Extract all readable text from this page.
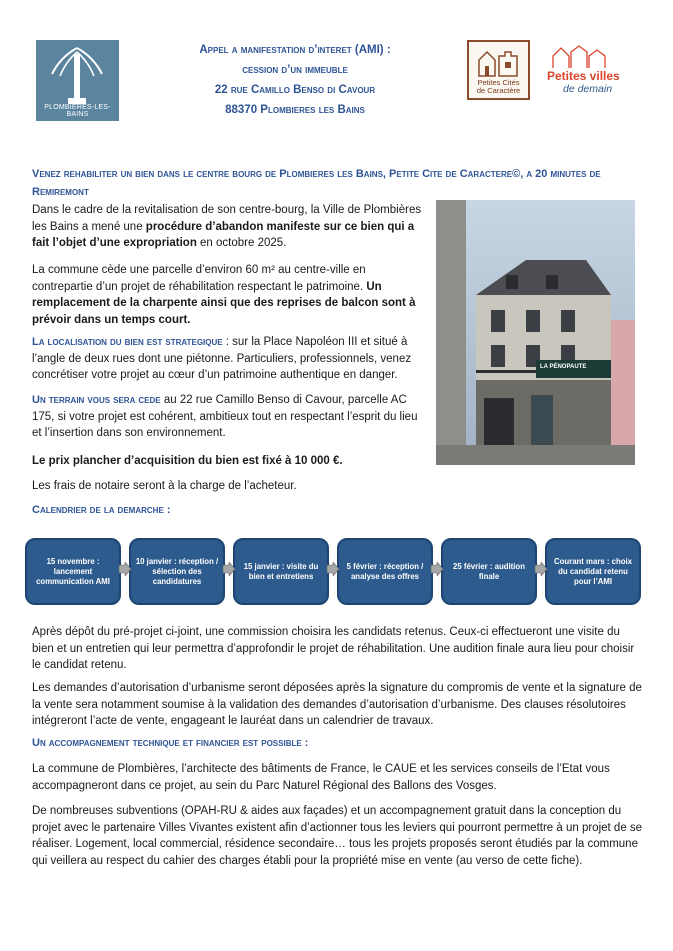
PLOMBIÈRES-LES-BAINS
Petites Cités
de Caractère
Petites villes
de demain
Appel a manifestation d’interet (AMI) :
cession d’un immeuble
22 rue Camillo Benso di Cavour
88370 Plombieres les Bains
Venez rehabiliter un bien dans le centre bourg de Plombieres les Bains, Petite Cite de Caractere©, a 20 minutes de Remiremont
Dans le cadre de la revitalisation de son centre-bourg, la Ville de Plombières les Bains a mené une procédure d’abandon manifeste sur ce bien qui a fait l’objet d’une expropriation en octobre 2025.
La commune cède une parcelle d’environ 60 m² au centre-ville en contrepartie d’un projet de réhabilitation respectant le patrimoine. Un remplacement de la charpente ainsi que des reprises de balcon sont à prévoir dans un temps court.
LA PÉNOPAUTE
La localisation du bien est strategique : sur la Place Napoléon III et situé à l’angle de deux rues dont une piétonne. Particuliers, professionnels, venez concrétiser votre projet au cœur d’un patrimoine authentique en danger.
Un terrain vous sera cede au 22 rue Camillo Benso di Cavour, parcelle AC 175, si votre projet est cohérent, ambitieux tout en respectant l’esprit du lieu et l’insertion dans son environnement.
Le prix plancher d’acquisition du bien est fixé à 10 000 €.
Les frais de notaire seront à la charge de l’acheteur.
Calendrier de la demarche :
15 novembre : lancement communication AMI
10 janvier : réception / sélection des candidatures
15 janvier : visite du bien et entretiens
5 février : réception / analyse des offres
25 février : audition finale
Courant mars : choix du candidat retenu pour l’AMI
Après dépôt du pré-projet ci-joint, une commission choisira les candidats retenus. Ceux-ci effectueront une visite du bien et un entretien qui leur permettra d’approfondir le projet de réhabilitation. Une audition finale aura lieu pour choisir le candidat retenu.
Les demandes d’autorisation d’urbanisme seront déposées après la signature du compromis de vente et la signature de la vente sera notamment soumise à la validation des demandes d’autorisation d’urbanisme. Des clauses résolutoires intégreront l’acte de vente, engageant le lauréat dans un calendrier de travaux.
Un accompagnement technique et financier est possible :
La commune de Plombières, l’architecte des bâtiments de France, le CAUE et les services conseils de l’Etat vous accompagneront dans ce projet, au sein du Parc Naturel Régional des Ballons des Vosges.
De nombreuses subventions (OPAH-RU & aides aux façades) et un accompagnement gratuit dans la conception du projet avec le partenaire Villes Vivantes existent afin d’actionner tous les leviers qui pourront permettre à un projet de se réaliser. Logement, local commercial, résidence secondaire… tous les projets proposés seront étudiés par la commune qui veillera au respect du cahier des charges établi pour la propriété mise en vente (au verso de cette fiche).
